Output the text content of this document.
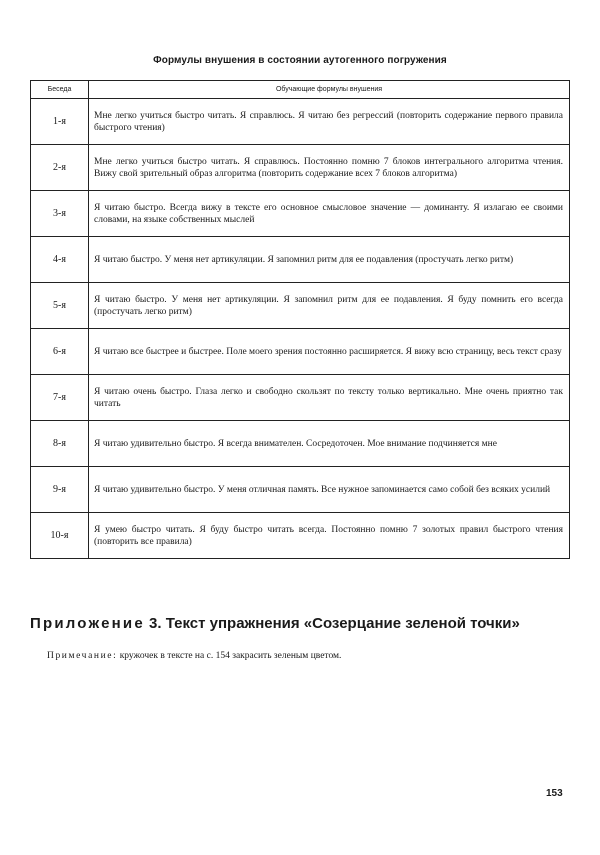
Формулы внушения в состоянии аутогенного погружения
Беседа	Обучающие формулы внушения
1-я	Мне легко учиться быстро читать. Я справлюсь. Я читаю без регрессий (повторить содержание первого правила быстрого чтения)
2-я	Мне легко учиться быстро читать. Я справлюсь. Постоянно помню 7 блоков интегрального алгоритма чтения. Вижу свой зрительный образ алгоритма (повторить содержание всех 7 блоков алгоритма)
3-я	Я читаю быстро. Всегда вижу в тексте его основное смысловое значение — доминанту. Я излагаю ее своими словами, на языке собственных мыслей
4-я	Я читаю быстро. У меня нет артикуляции. Я запомнил ритм для ее подавления (простучать легко ритм)
5-я	Я читаю быстро. У меня нет артикуляции. Я запомнил ритм для ее подавления. Я буду помнить его всегда (простучать легко ритм)
6-я	Я читаю все быстрее и быстрее. Поле моего зрения постоянно расширяется. Я вижу всю страницу, весь текст сразу
7-я	Я читаю очень быстро. Глаза легко и свободно скользят по тексту только вертикально. Мне очень приятно так читать
8-я	Я читаю удивительно быстро. Я всегда внимателен. Сосредоточен. Мое внимание подчиняется мне
9-я	Я читаю удивительно быстро. У меня отличная память. Все нужное запоминается само собой без всяких усилий
10-я	Я умею быстро читать. Я буду быстро читать всегда. Постоянно помню 7 золотых правил быстрого чтения (повторить все правила)
Приложение 3. Текст упражнения «Созерцание зеленой точки»
Примечание: кружочек в тексте на с. 154 закрасить зеленым цветом.
153
